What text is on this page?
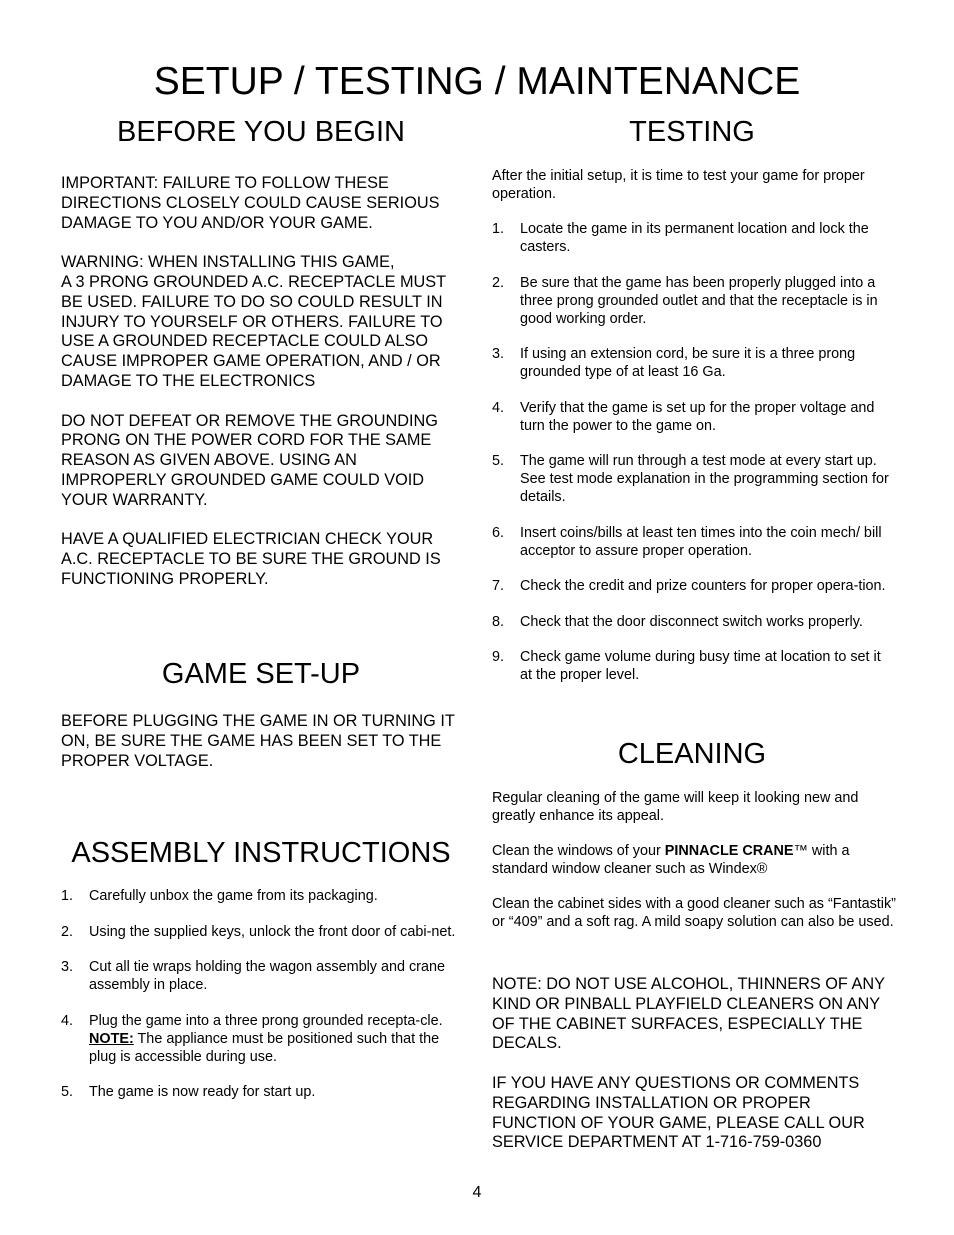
SETUP / TESTING / MAINTENANCE
BEFORE YOU BEGIN

IMPORTANT: FAILURE TO FOLLOW THESE DIRECTIONS CLOSELY COULD CAUSE SERIOUS DAMAGE TO YOU AND/OR YOUR GAME.

WARNING: WHEN INSTALLING THIS GAME,
A 3 PRONG GROUNDED A.C. RECEPTACLE MUST BE USED. FAILURE TO DO SO COULD RESULT IN INJURY TO YOURSELF OR OTHERS. FAILURE TO USE A GROUNDED RECEPTACLE COULD ALSO CAUSE IMPROPER GAME OPERATION, AND / OR DAMAGE TO THE ELECTRONICS

DO NOT DEFEAT OR REMOVE THE GROUNDING PRONG ON THE POWER CORD FOR THE SAME REASON AS GIVEN ABOVE. USING AN IMPROPERLY GROUNDED GAME COULD VOID YOUR WARRANTY.

HAVE A QUALIFIED ELECTRICIAN CHECK YOUR A.C. RECEPTACLE TO BE SURE THE GROUND IS FUNCTIONING PROPERLY.

GAME SET-UP

BEFORE PLUGGING THE GAME IN OR TURNING IT ON, BE SURE THE GAME HAS BEEN SET TO THE PROPER VOLTAGE.

ASSEMBLY INSTRUCTIONS
1. Carefully unbox the game from its packaging.
2. Using the supplied keys, unlock the front door of cabi-net.
3. Cut all tie wraps holding the wagon assembly and crane assembly in place.
4. Plug the game into a three prong grounded recepta-cle. NOTE: The appliance must be positioned such that the plug is accessible during use.
5. The game is now ready for start up.
TESTING

After the initial setup, it is time to test your game for proper operation.

1. Locate the game in its permanent location and lock the casters.
2. Be sure that the game has been properly plugged into a three prong grounded outlet and that the receptacle is in good working order.
3. If using an extension cord, be sure it is a three prong grounded type of at least 16 Ga.
4. Verify that the game is set up for the proper voltage and turn the power to the game on.
5. The game will run through a test mode at every start up. See test mode explanation in the programming section for details.
6. Insert coins/bills at least ten times into the coin mech/ bill acceptor to assure proper operation.
7. Check the credit and prize counters for proper opera-tion.
8. Check that the door disconnect switch works properly.
9. Check game volume during busy time at location to set it at the proper level.
CLEANING

Regular cleaning of the game will keep it looking new and greatly enhance its appeal.

Clean the windows of your PINNACLE CRANE™ with a standard window cleaner such as Windex®

Clean the cabinet sides with a good cleaner such as “Fantastik” or “409” and a soft rag. A mild soapy solution can also be used.

NOTE: DO NOT USE ALCOHOL, THINNERS OF ANY KIND OR PINBALL PLAYFIELD CLEANERS ON ANY OF THE CABINET SURFACES, ESPECIALLY THE DECALS.

IF YOU HAVE ANY QUESTIONS OR COMMENTS REGARDING INSTALLATION OR PROPER FUNCTION OF YOUR GAME, PLEASE CALL OUR SERVICE DEPARTMENT AT 1-716-759-0360

4
